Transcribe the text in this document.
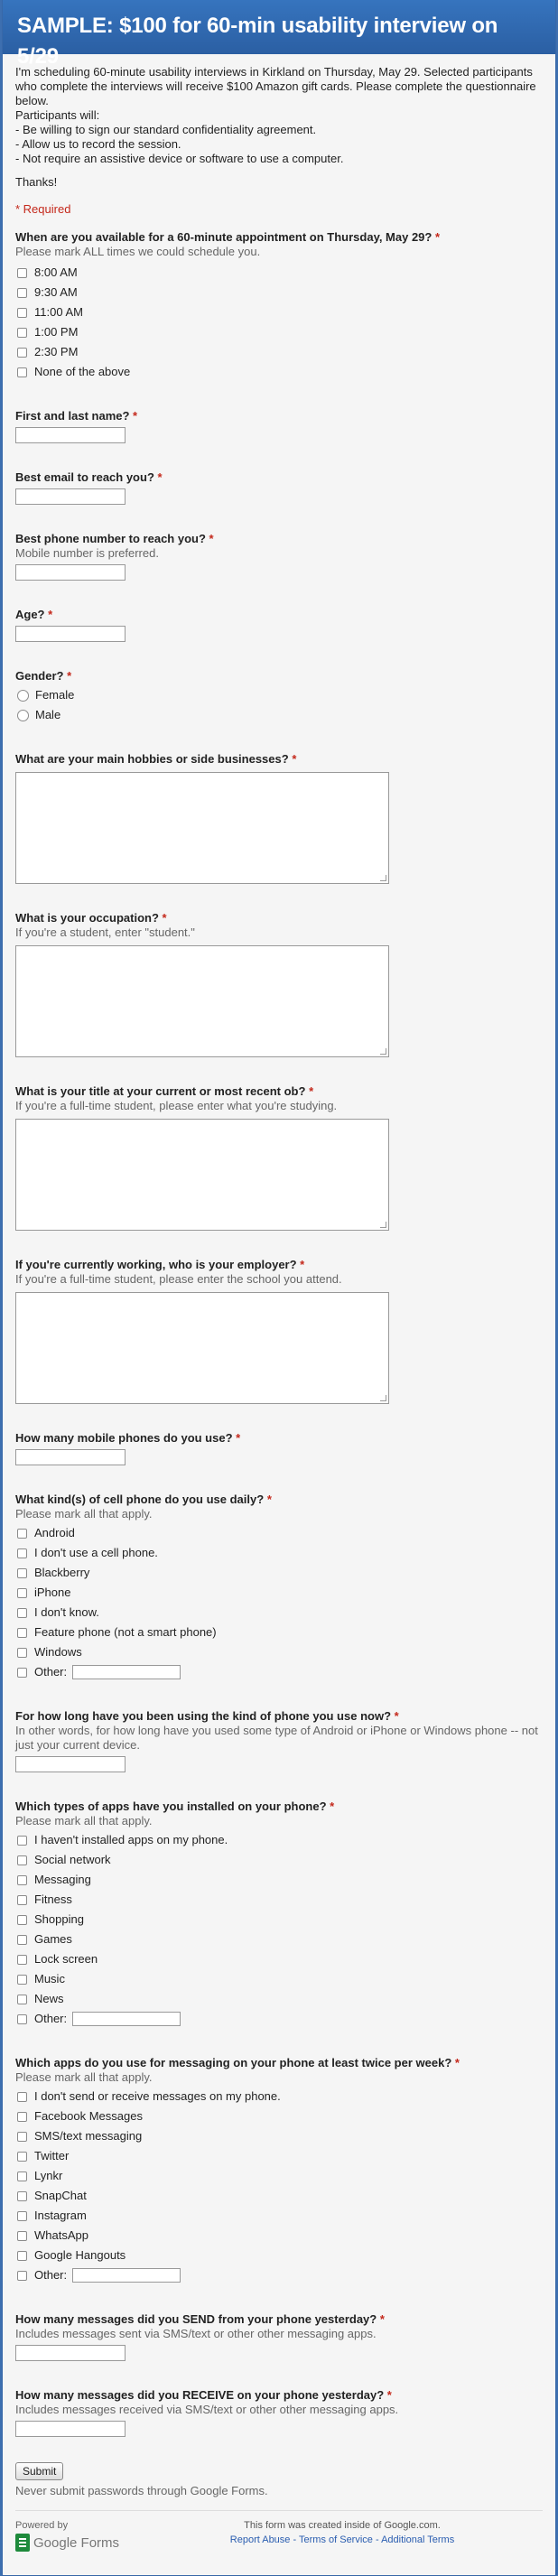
SAMPLE: $100 for 60-min usability interview on 5/29

I'm scheduling 60-minute usability interviews in Kirkland on Thursday, May 29. Selected participants who complete the interviews will receive $100 Amazon gift cards. Please complete the questionnaire below.

Participants will:

- Be willing to sign our standard confidentiality agreement.

- Allow us to record the session.

- Not require an assistive device or software to use a computer.

Thanks!

* Required
When are you available for a 60-minute appointment on Thursday, May 29? *
Please mark ALL times we could schedule you.
8:00 AM
9:30 AM
11:00 AM
1:00 PM
2:30 PM
None of the above
First and last name? *
Best email to reach you? *
Best phone number to reach you? *
Mobile number is preferred.
Age? *
Gender? *
Female
Male
What are your main hobbies or side businesses? *
What is your occupation? *
If you're a student, enter "student."
What is your title at your current or most recent ob? *
If you're a full-time student, please enter what you're studying.
If you're currently working, who is your employer? *
If you're a full-time student, please enter the school you attend.
How many mobile phones do you use? *
What kind(s) of cell phone do you use daily? *
Please mark all that apply.
Android
I don't use a cell phone.
Blackberry
iPhone
I don't know.
Feature phone (not a smart phone)
Windows
Other:
For how long have you been using the kind of phone you use now? *
In other words, for how long have you used some type of Android or iPhone or Windows phone -- not just your current device.
Which types of apps have you installed on your phone? *
Please mark all that apply.
I haven't installed apps on my phone.
Social network
Messaging
Fitness
Shopping
Games
Lock screen
Music
News
Other:
Which apps do you use for messaging on your phone at least twice per week? *
Please mark all that apply.
I don't send or receive messages on my phone.
Facebook Messages
SMS/text messaging
Twitter
Lynkr
SnapChat
Instagram
WhatsApp
Google Hangouts
Other:
How many messages did you SEND from your phone yesterday? *
Includes messages sent via SMS/text or other other messaging apps.
How many messages did you RECEIVE on your phone yesterday? *
Includes messages received via SMS/text or other other messaging apps.
Submit
Never submit passwords through Google Forms.
Powered by
Google Forms
This form was created inside of Google.com.
Report Abuse - Terms of Service - Additional Terms
